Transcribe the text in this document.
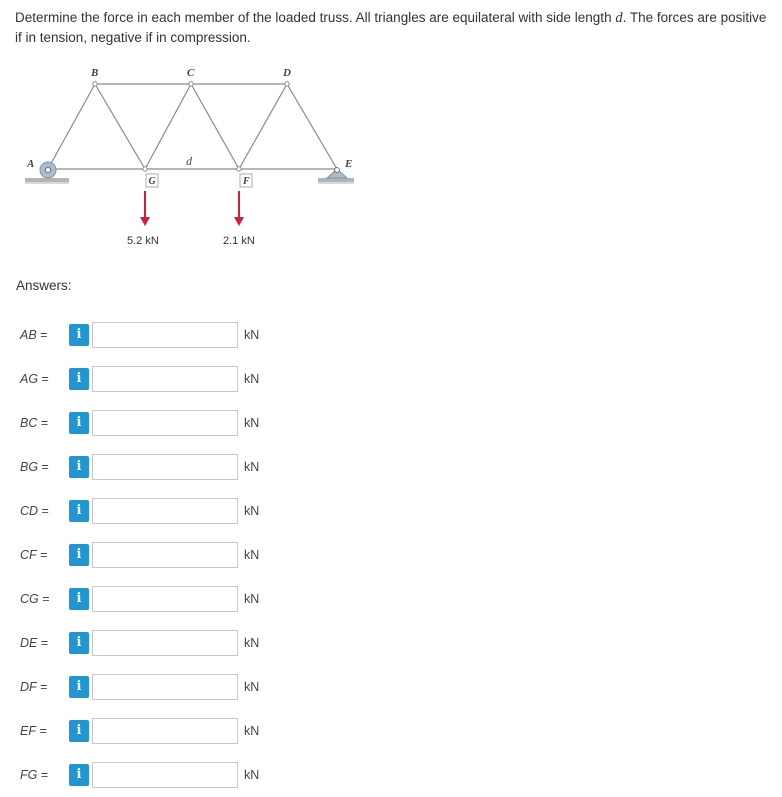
Determine the force in each member of the loaded truss. All triangles are equilateral with side length d. The forces are positive if in tension, negative if in compression.
B	C	D
A	E
G	F
d
5.2 kN	2.1 kN
Answers:
AB =	i	kN
AG =	i	kN
BC =	i	kN
BG =	i	kN
CD =	i	kN
CF =	i	kN
CG =	i	kN
DE =	i	kN
DF =	i	kN
EF =	i	kN
FG =	i	kN
